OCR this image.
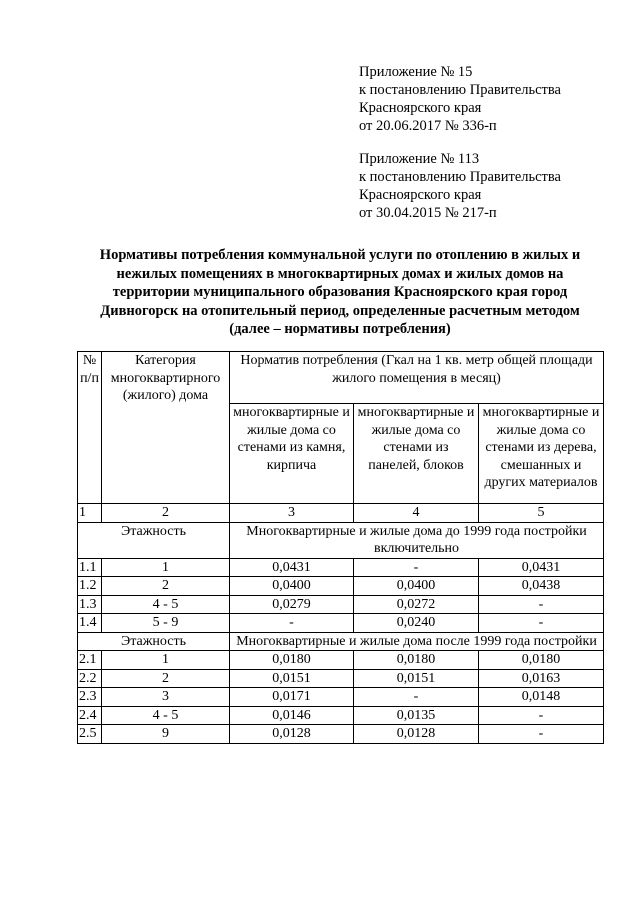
Приложение № 15
к постановлению Правительства
Красноярского края
от 20.06.2017 № 336-п
Приложение № 113
к постановлению Правительства
Красноярского края
от 30.04.2015 № 217-п
Нормативы потребления коммунальной услуги по отоплению в жилых и
нежилых помещениях в многоквартирных домах и жилых домов на
территории муниципального образования Красноярского края город
Дивногорск на отопительный период, определенные расчетным методом
(далее – нормативы потребления)
№ п/п	Категория многоквартирного (жилого) дома	Норматив потребления (Гкал на 1 кв. метр общей площади жилого помещения в месяц)		
		многоквартирные и жилые дома со стенами из камня, кирпича	многоквартирные и жилые дома со стенами из панелей, блоков	многоквартирные и жилые дома со стенами из дерева, смешанных и других материалов
1	2	3	4	5
Этажность		Многоквартирные и жилые дома до 1999 года постройки включительно		
1.1	1	0,0431	-	0,0431
1.2	2	0,0400	0,0400	0,0438
1.3	4 - 5	0,0279	0,0272	-
1.4	5 - 9	-	0,0240	-
Этажность		Многоквартирные и жилые дома после 1999 года постройки		
2.1	1	0,0180	0,0180	0,0180
2.2	2	0,0151	0,0151	0,0163
2.3	3	0,0171	-	0,0148
2.4	4 - 5	0,0146	0,0135	-
2.5	9	0,0128	0,0128	-
